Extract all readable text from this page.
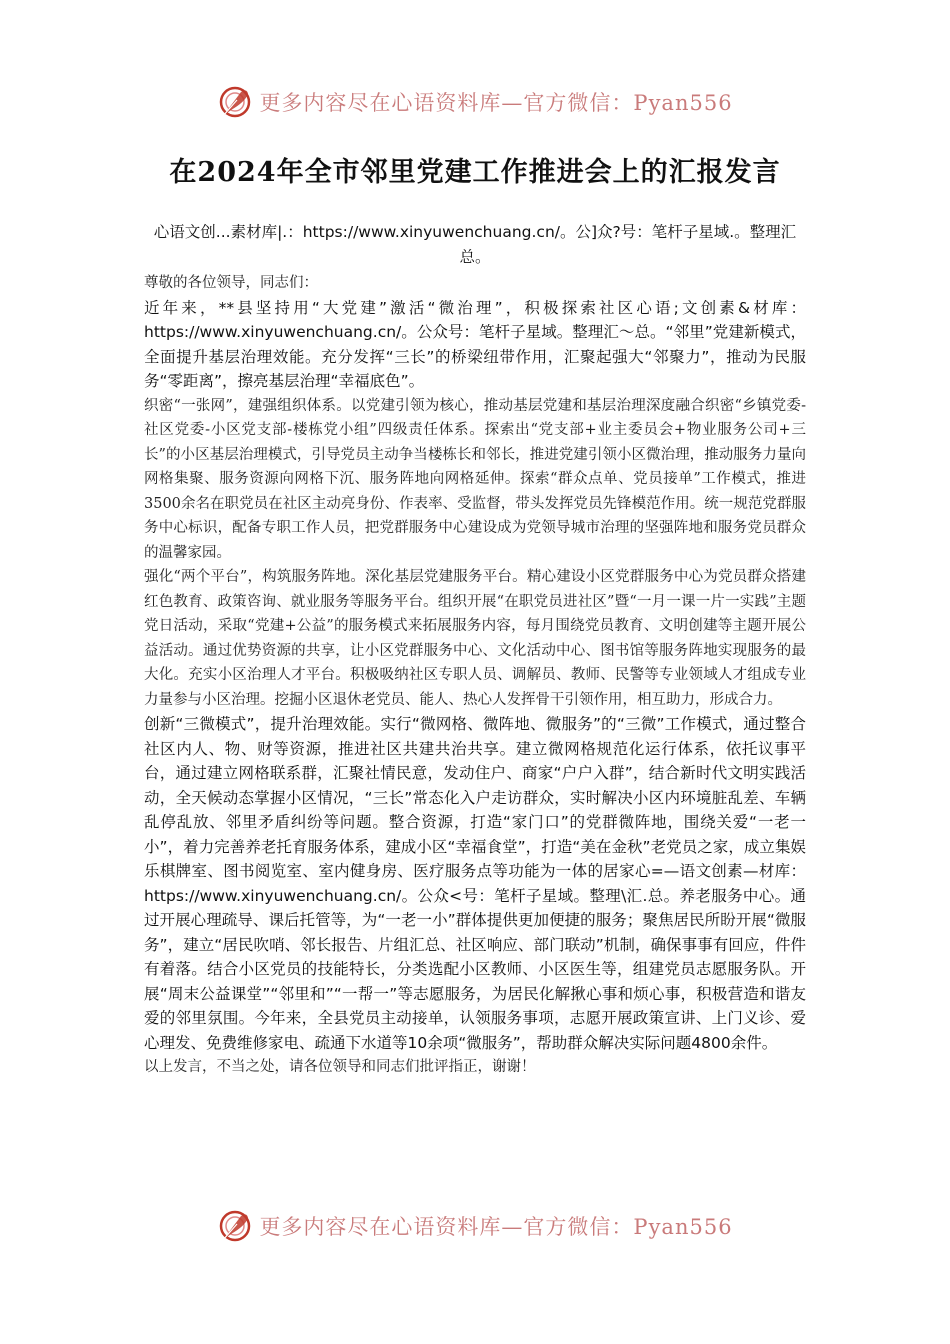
更多内容尽在心语资料库—官方微信：Pyan556
在2024年全市邻里党建工作推进会上的汇报发言

心语文创...素材库|.：https://www.xinyuwenchuang.cn/。公]众?号：笔杆子星域.。整理汇总。

尊敬的各位领导，同志们：

近年来，**县坚持用“大党建”激活“微治理”，积极探索社区心语;文创素&材库：https://www.xinyuwenchuang.cn/。公众号：笔杆子星域。整理汇～总。“邻里”党建新模式，全面提升基层治理效能。充分发挥“三长”的桥梁纽带作用，汇聚起强大“邻聚力”，推动为民服务“零距离”，擦亮基层治理“幸福底色”。

织密“一张网”，建强组织体系。以党建引领为核心，推动基层党建和基层治理深度融合织密“乡镇党委-社区党委-小区党支部-楼栋党小组”四级责任体系。探索出“党支部+业主委员会+物业服务公司+三长”的小区基层治理模式，引导党员主动争当楼栋长和邻长，推进党建引领小区微治理，推动服务力量向网格集聚、服务资源向网格下沉、服务阵地向网格延伸。探索“群众点单、党员接单”工作模式，推进3500余名在职党员在社区主动亮身份、作表率、受监督，带头发挥党员先锋模范作用。统一规范党群服务中心标识，配备专职工作人员，把党群服务中心建设成为党领导城市治理的坚强阵地和服务党员群众的温馨家园。

强化“两个平台”，构筑服务阵地。深化基层党建服务平台。精心建设小区党群服务中心为党员群众搭建红色教育、政策咨询、就业服务等服务平台。组织开展“在职党员进社区”暨“一月一课一片一实践”主题党日活动，采取“党建+公益”的服务模式来拓展服务内容，每月围绕党员教育、文明创建等主题开展公益活动。通过优势资源的共享，让小区党群服务中心、文化活动中心、图书馆等服务阵地实现服务的最大化。充实小区治理人才平台。积极吸纳社区专职人员、调解员、教师、民警等专业领域人才组成专业力量参与小区治理。挖掘小区退休老党员、能人、热心人发挥骨干引领作用，相互助力，形成合力。

创新“三微模式”，提升治理效能。实行“微网格、微阵地、微服务”的“三微”工作模式，通过整合社区内人、物、财等资源，推进社区共建共治共享。建立微网格规范化运行体系，依托议事平台，通过建立网格联系群，汇聚社情民意，发动住户、商家“户户入群”，结合新时代文明实践活动，全天候动态掌握小区情况，“三长”常态化入户走访群众，实时解决小区内环境脏乱差、车辆乱停乱放、邻里矛盾纠纷等问题。整合资源，打造“家门口”的党群微阵地，围绕关爱“一老一小”，着力完善养老托育服务体系，建成小区“幸福食堂”，打造“美在金秋”老党员之家，成立集娱乐棋牌室、图书阅览室、室内健身房、医疗服务点等功能为一体的居家心=—语文创素—材库：https://www.xinyuwenchuang.cn/。公众<号：笔杆子星域。整理\汇.总。养老服务中心。通过开展心理疏导、课后托管等，为“一老一小”群体提供更加便捷的服务；聚焦居民所盼开展“微服务”，建立“居民吹哨、邻长报告、片组汇总、社区响应、部门联动”机制，确保事事有回应，件件有着落。结合小区党员的技能特长，分类选配小区教师、小区医生等，组建党员志愿服务队。开展“周末公益课堂”“邻里和”“一帮一”等志愿服务，为居民化解揪心事和烦心事，积极营造和谐友爱的邻里氛围。今年来，全县党员主动接单，认领服务事项，志愿开展政策宣讲、上门义诊、爱心理发、免费维修家电、疏通下水道等10余项“微服务”，帮助群众解决实际问题4800余件。

以上发言，不当之处，请各位领导和同志们批评指正，谢谢！

更多内容尽在心语资料库—官方微信：Pyan556
